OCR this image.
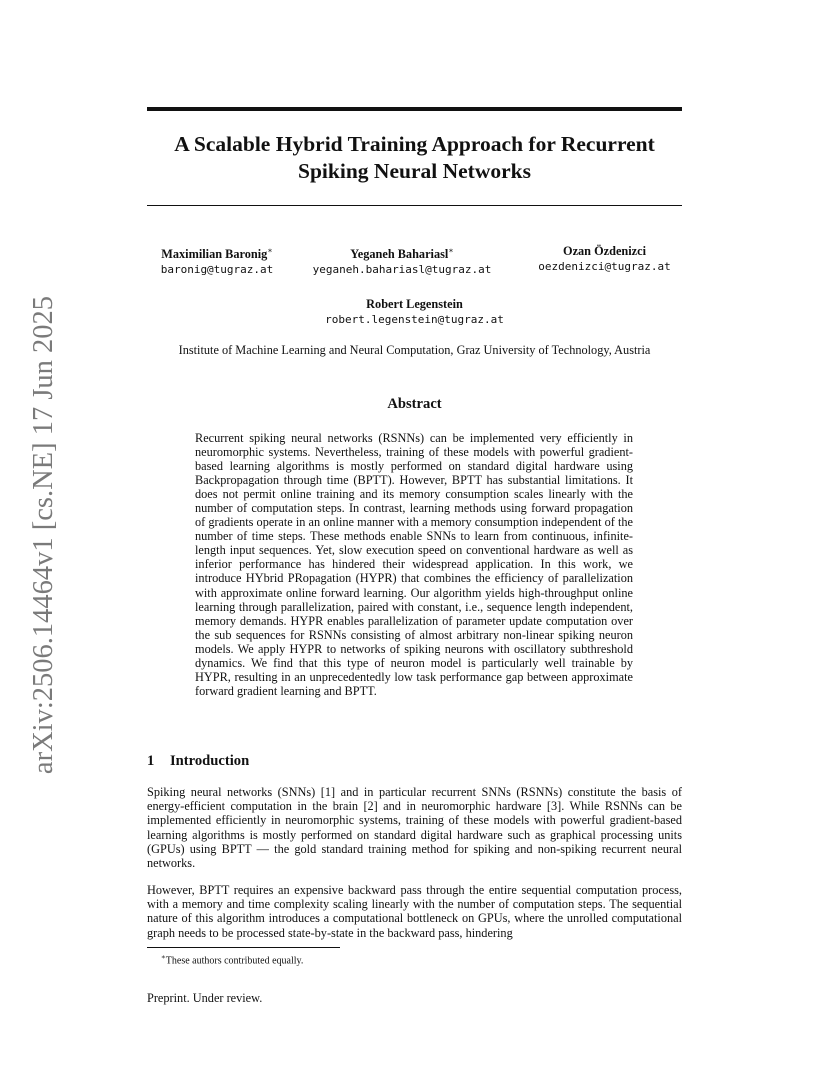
arXiv:2506.14464v1 [cs.NE] 17 Jun 2025
A Scalable Hybrid Training Approach for Recurrent Spiking Neural Networks
Maximilian Baronig∗
baronig@tugraz.at
Yeganeh Bahariasl∗
yeganeh.bahariasl@tugraz.at
Ozan Özdenizci
oezdenizci@tugraz.at
Robert Legenstein
robert.legenstein@tugraz.at
Institute of Machine Learning and Neural Computation, Graz University of Technology, Austria
Abstract

Recurrent spiking neural networks (RSNNs) can be implemented very efficiently in neuromorphic systems. Nevertheless, training of these models with powerful gradient-based learning algorithms is mostly performed on standard digital hardware using Backpropagation through time (BPTT). However, BPTT has substantial limitations. It does not permit online training and its memory consumption scales linearly with the number of computation steps. In contrast, learning methods using forward propagation of gradients operate in an online manner with a memory consumption independent of the number of time steps. These methods enable SNNs to learn from continuous, infinite-length input sequences. Yet, slow execution speed on conventional hardware as well as inferior performance has hindered their widespread application. In this work, we introduce HYbrid PRopagation (HYPR) that combines the efficiency of parallelization with approximate online forward learning. Our algorithm yields high-throughput online learning through parallelization, paired with constant, i.e., sequence length independent, memory demands. HYPR enables parallelization of parameter update computation over the sub sequences for RSNNs consisting of almost arbitrary non-linear spiking neuron models. We apply HYPR to networks of spiking neurons with oscillatory subthreshold dynamics. We find that this type of neuron model is particularly well trainable by HYPR, resulting in an unprecedentedly low task performance gap between approximate forward gradient learning and BPTT.

1 Introduction

Spiking neural networks (SNNs) [1] and in particular recurrent SNNs (RSNNs) constitute the basis of energy-efficient computation in the brain [2] and in neuromorphic hardware [3]. While RSNNs can be implemented efficiently in neuromorphic systems, training of these models with powerful gradient-based learning algorithms is mostly performed on standard digital hardware such as graphical processing units (GPUs) using BPTT — the gold standard training method for spiking and non-spiking recurrent neural networks.

However, BPTT requires an expensive backward pass through the entire sequential computation process, with a memory and time complexity scaling linearly with the number of computation steps. The sequential nature of this algorithm introduces a computational bottleneck on GPUs, where the unrolled computational graph needs to be processed state-by-state in the backward pass, hindering

∗These authors contributed equally.
Preprint. Under review.
